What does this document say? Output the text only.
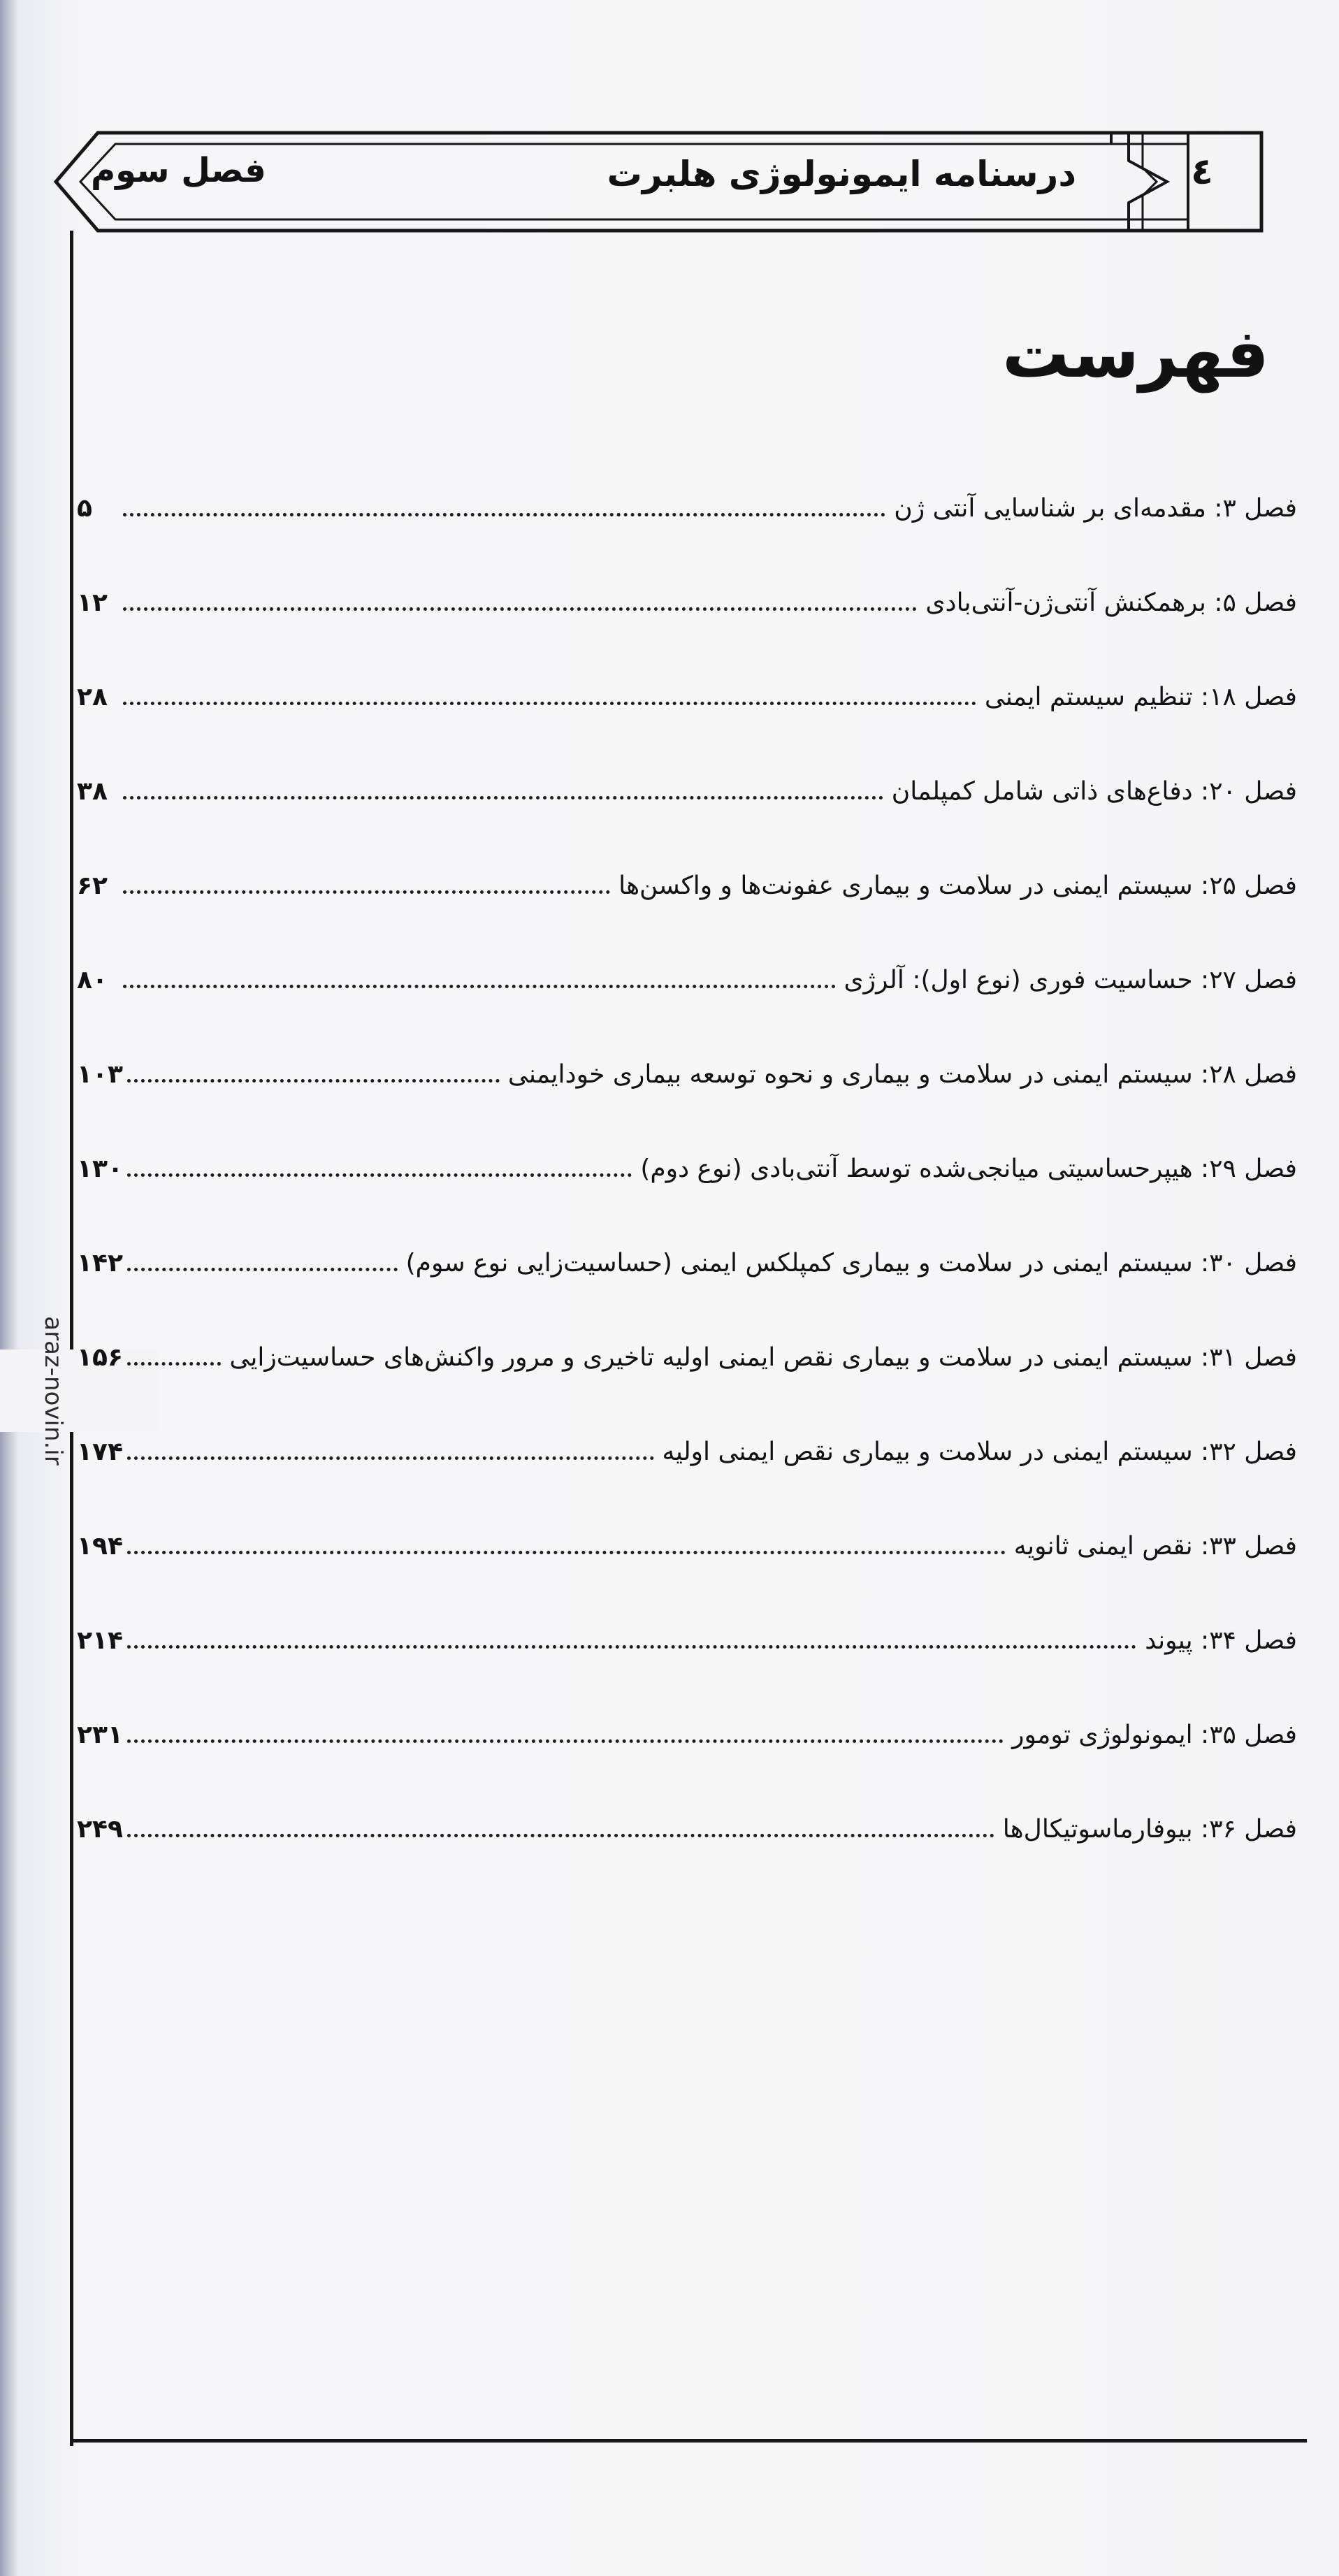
٤
درسنامه ایمونولوژی هلبرت
فصل سوم
فهرست
araz-novin.ir
فصل ۳: مقدمه‌ای بر شناسایی آنتی ژن
۵
فصل ۵: برهمکنش آنتی‌ژن-آنتی‌بادی
۱۲
فصل ۱۸: تنظیم سیستم ایمنی
۲۸
فصل ۲۰: دفاع‌های ذاتی شامل کمپلمان
۳۸
فصل ۲۵: سیستم ایمنی در سلامت و بیماری عفونت‌ها و واکسن‌ها
۶۲
فصل ۲۷: حساسیت فوری (نوع اول): آلرژی
۸۰
فصل ۲۸: سیستم ایمنی در سلامت و بیماری و نحوه توسعه بیماری خودایمنی
۱۰۳
فصل ۲۹: هیپرحساسیتی میانجی‌شده توسط آنتی‌بادی (نوع دوم)
۱۳۰
فصل ۳۰: سیستم ایمنی در سلامت و بیماری کمپلکس ایمنی (حساسیت‌زایی نوع سوم)
۱۴۲
فصل ۳۱: سیستم ایمنی در سلامت و بیماری نقص ایمنی اولیه تاخیری و مرور واکنش‌های حساسیت‌زایی
۱۵۶
فصل ۳۲: سیستم ایمنی در سلامت و بیماری نقص ایمنی اولیه
۱۷۴
فصل ۳۳: نقص ایمنی ثانویه
۱۹۴
فصل ۳۴: پیوند
۲۱۴
فصل ۳۵: ایمونولوژی تومور
۲۳۱
فصل ۳۶: بیوفارماسوتیکال‌ها
۲۴۹
